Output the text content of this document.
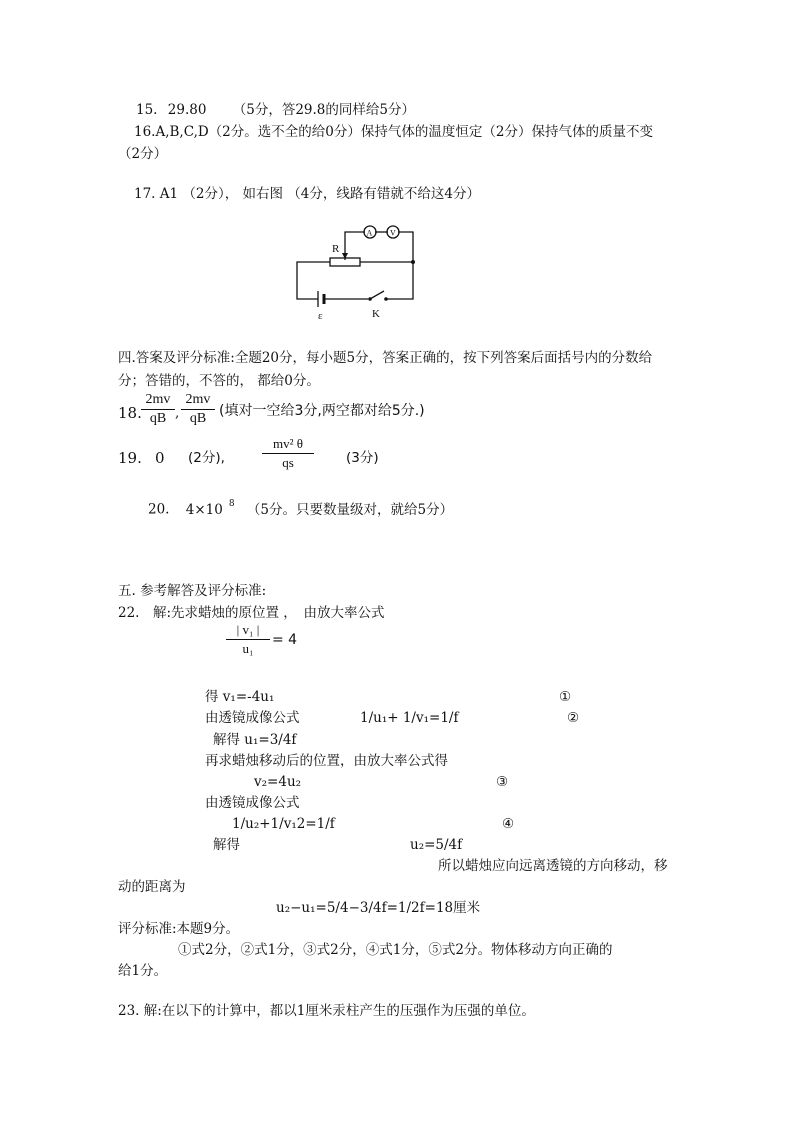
15. 29.80 （5分，答29.8的同样给5分）
16.A,B,C,D（2分。选不全的给0分）保持气体的温度恒定（2分）保持气体的质量不变
（2分）
17. A1 （2分）， 如右图 （4分，线路有错就不给这4分）
R
A V
ε	K
四.答案及评分标准:全题20分，每小题5分，答案正确的，按下列答案后面括号内的分数给
分；答错的，不答的， 都给0分。
18.
2mv
qB ,
2mv
qB (填对一空给3分,两空都对给5分.)
19. 0 (2分),
mv² θ
qs	(3分)
20. 4×10 $^8$ （5分。只要数量级对，就给5分）
五. 参考解答及评分标准:
22.　解:先求蜡烛的原位置 ，　由放大率公式
| v₁ |
u₁
= 4
得 v₁=-4u₁	①
由透镜成像公式	1/u₁+ 1/v₁=1/f	②
解得 u₁=3/4f
再求蜡烛移动后的位置，由放大率公式得
v₂=4u₂	③
由透镜成像公式
1/u₂+1/v₁2=1/f	④
解得	u₂=5/4f
所以蜡烛应向远离透镜的方向移动，移
动的距离为
u₂−u₁=5/4−3/4f=1/2f=18厘米
评分标准:本题9分。
①式2分，②式1分，③式2分，④式1分，⑤式2分。物体移动方向正确的
给1分。
23. 解:在以下的计算中，都以1厘米汞柱产生的压强作为压强的单位。
